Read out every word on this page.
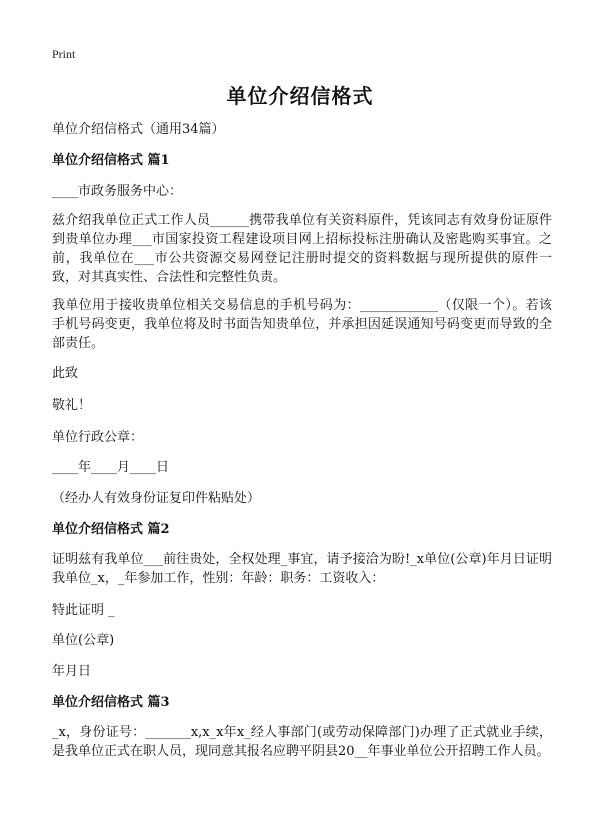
Print
单位介绍信格式
单位介绍信格式（通用34篇）
单位介绍信格式 篇1
____市政务服务中心：
兹介绍我单位正式工作人员______携带我单位有关资料原件，凭该同志有效身份证原件到贵单位办理___市国家投资工程建设项目网上招标投标注册确认及密匙购买事宜。之前，我单位在___市公共资源交易网登记注册时提交的资料数据与现所提供的原件一致，对其真实性、合法性和完整性负责。
我单位用于接收贵单位相关交易信息的手机号码为：____________（仅限一个）。若该手机号码变更，我单位将及时书面告知贵单位，并承担因延误通知号码变更而导致的全部责任。
此致
敬礼！
单位行政公章：
____年____月____日
（经办人有效身份证复印件粘贴处）
单位介绍信格式 篇2
证明兹有我单位___前往贵处，全权处理_事宜，请予接洽为盼!_x单位(公章)年月日证明我单位_x，_年参加工作，性别：年龄：职务：工资收入：
特此证明 _
单位(公章)
年月日
单位介绍信格式 篇3
_x，身份证号：_______x,x_x年x_经人事部门(或劳动保障部门)办理了正式就业手续，是我单位正式在职人员，现同意其报名应聘平阴县20__年事业单位公开招聘工作人员。
